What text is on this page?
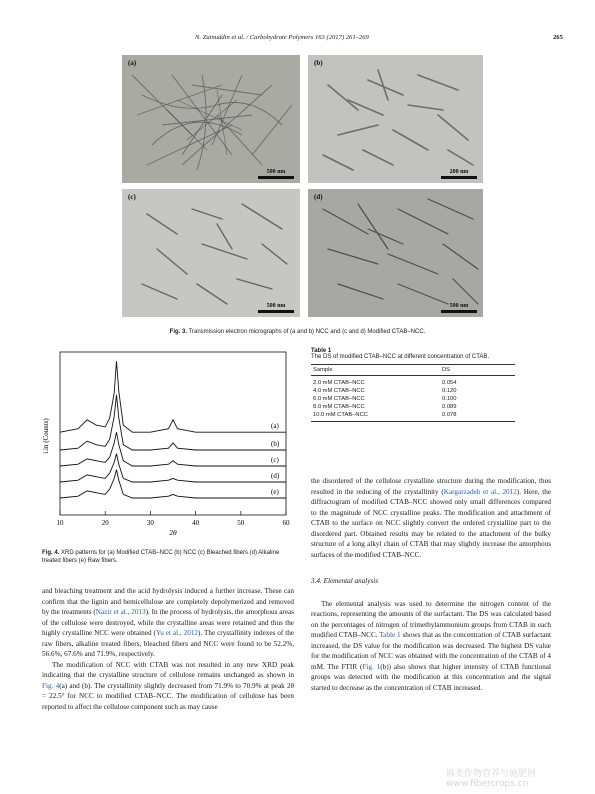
N. Zainuddin et al. / Carbohydrate Polymers 163 (2017) 261–269	265
(a)
500 nm
(b)
200 nm
(c)
500 nm
(d)
500 nm
Fig. 3. Transmission electron micrographs of (a and b) NCC and (c and d) Modified CTAB–NCC.
i.in (Counts)
2θ
10	20	30	40	50	60
(a)
(b)
(c)
(d)
(e)
Fig. 4. XRD patterns for (a) Modified CTAB–NCC (b) NCC (c) Bleached fibers (d) Alkaline treated fibers (e) Raw fibers.
Table 1
The DS of modified CTAB–NCC at different concentration of CTAB.
Sample	DS
2.0 mM CTAB–NCC	0.054
4.0 mM CTAB–NCC	0.120
6.0 mM CTAB–NCC	0.100
8.0 mM CTAB–NCC	0.089
10.0 mM CTAB–NCC	0.078

and bleaching treatment and the acid hydrolysis induced a further increase. These can confirm that the lignin and hemicellulose are completely depolymerized and removed by the treatments (Nazir et al., 2013). In the process of hydrolysis, the amorphous areas of the cellulose were destroyed, while the crystalline areas were retained and thus the highly crystalline NCC were obtained (Yu et al., 2012). The crystallinity indexes of the raw fibers, alkaline treated fibers, bleached fibers and NCC were found to be 52.2%, 56.6%, 67.6% and 71.9%, respectively.

The modification of NCC with CTAB was not resulted in any new XRD peak indicating that the crystalline structure of cellulose remains unchanged as shown in Fig. 4(a) and (b). The crystallinity slightly decreased from 71.9% to 70.9% at peak 2θ = 22.5° for NCC to modified CTAB–NCC. The modification of cellulose has been reported to affect the cellulose component such as may cause

the disordered of the cellulose crystalline structure during the modification, thus resulted in the reducing of the crystallinity (Kargarzadeh et al., 2012). Here, the diffractogram of modified CTAB–NCC showed only small differences compared to the magnitude of NCC crystalline peaks. The modification and attachment of CTAB to the surface on NCC slightly convert the ordered crystalline part to the disordered part. Obtained results may be related to the attachment of the bulky structure of a long alkyl chain of CTAB that may slightly increase the amorphous surfaces of the modified CTAB–NCC.

3.4. Elemental analysis

The elemental analysis was used to determine the nitrogen content of the reactions, representing the amounts of the surfactant. The DS was calculated based on the percentages of nitrogen of trimethylammonium groups from CTAB in each modified CTAB–NCC. Table 1 shows that as the concentration of CTAB surfactant increased, the DS value for the modification was decreased. The highest DS value for the modification of NCC was obtained with the concentration of the CTAB of 4 mM. The FTIR (Fig. 1(b)) also shows that higher intensity of CTAB functional groups was detected with the modification at this concentration and the signal started to decrease as the concentration of CTAB increased.

麻类作物营养与施肥网 www.fibercrops.cn
